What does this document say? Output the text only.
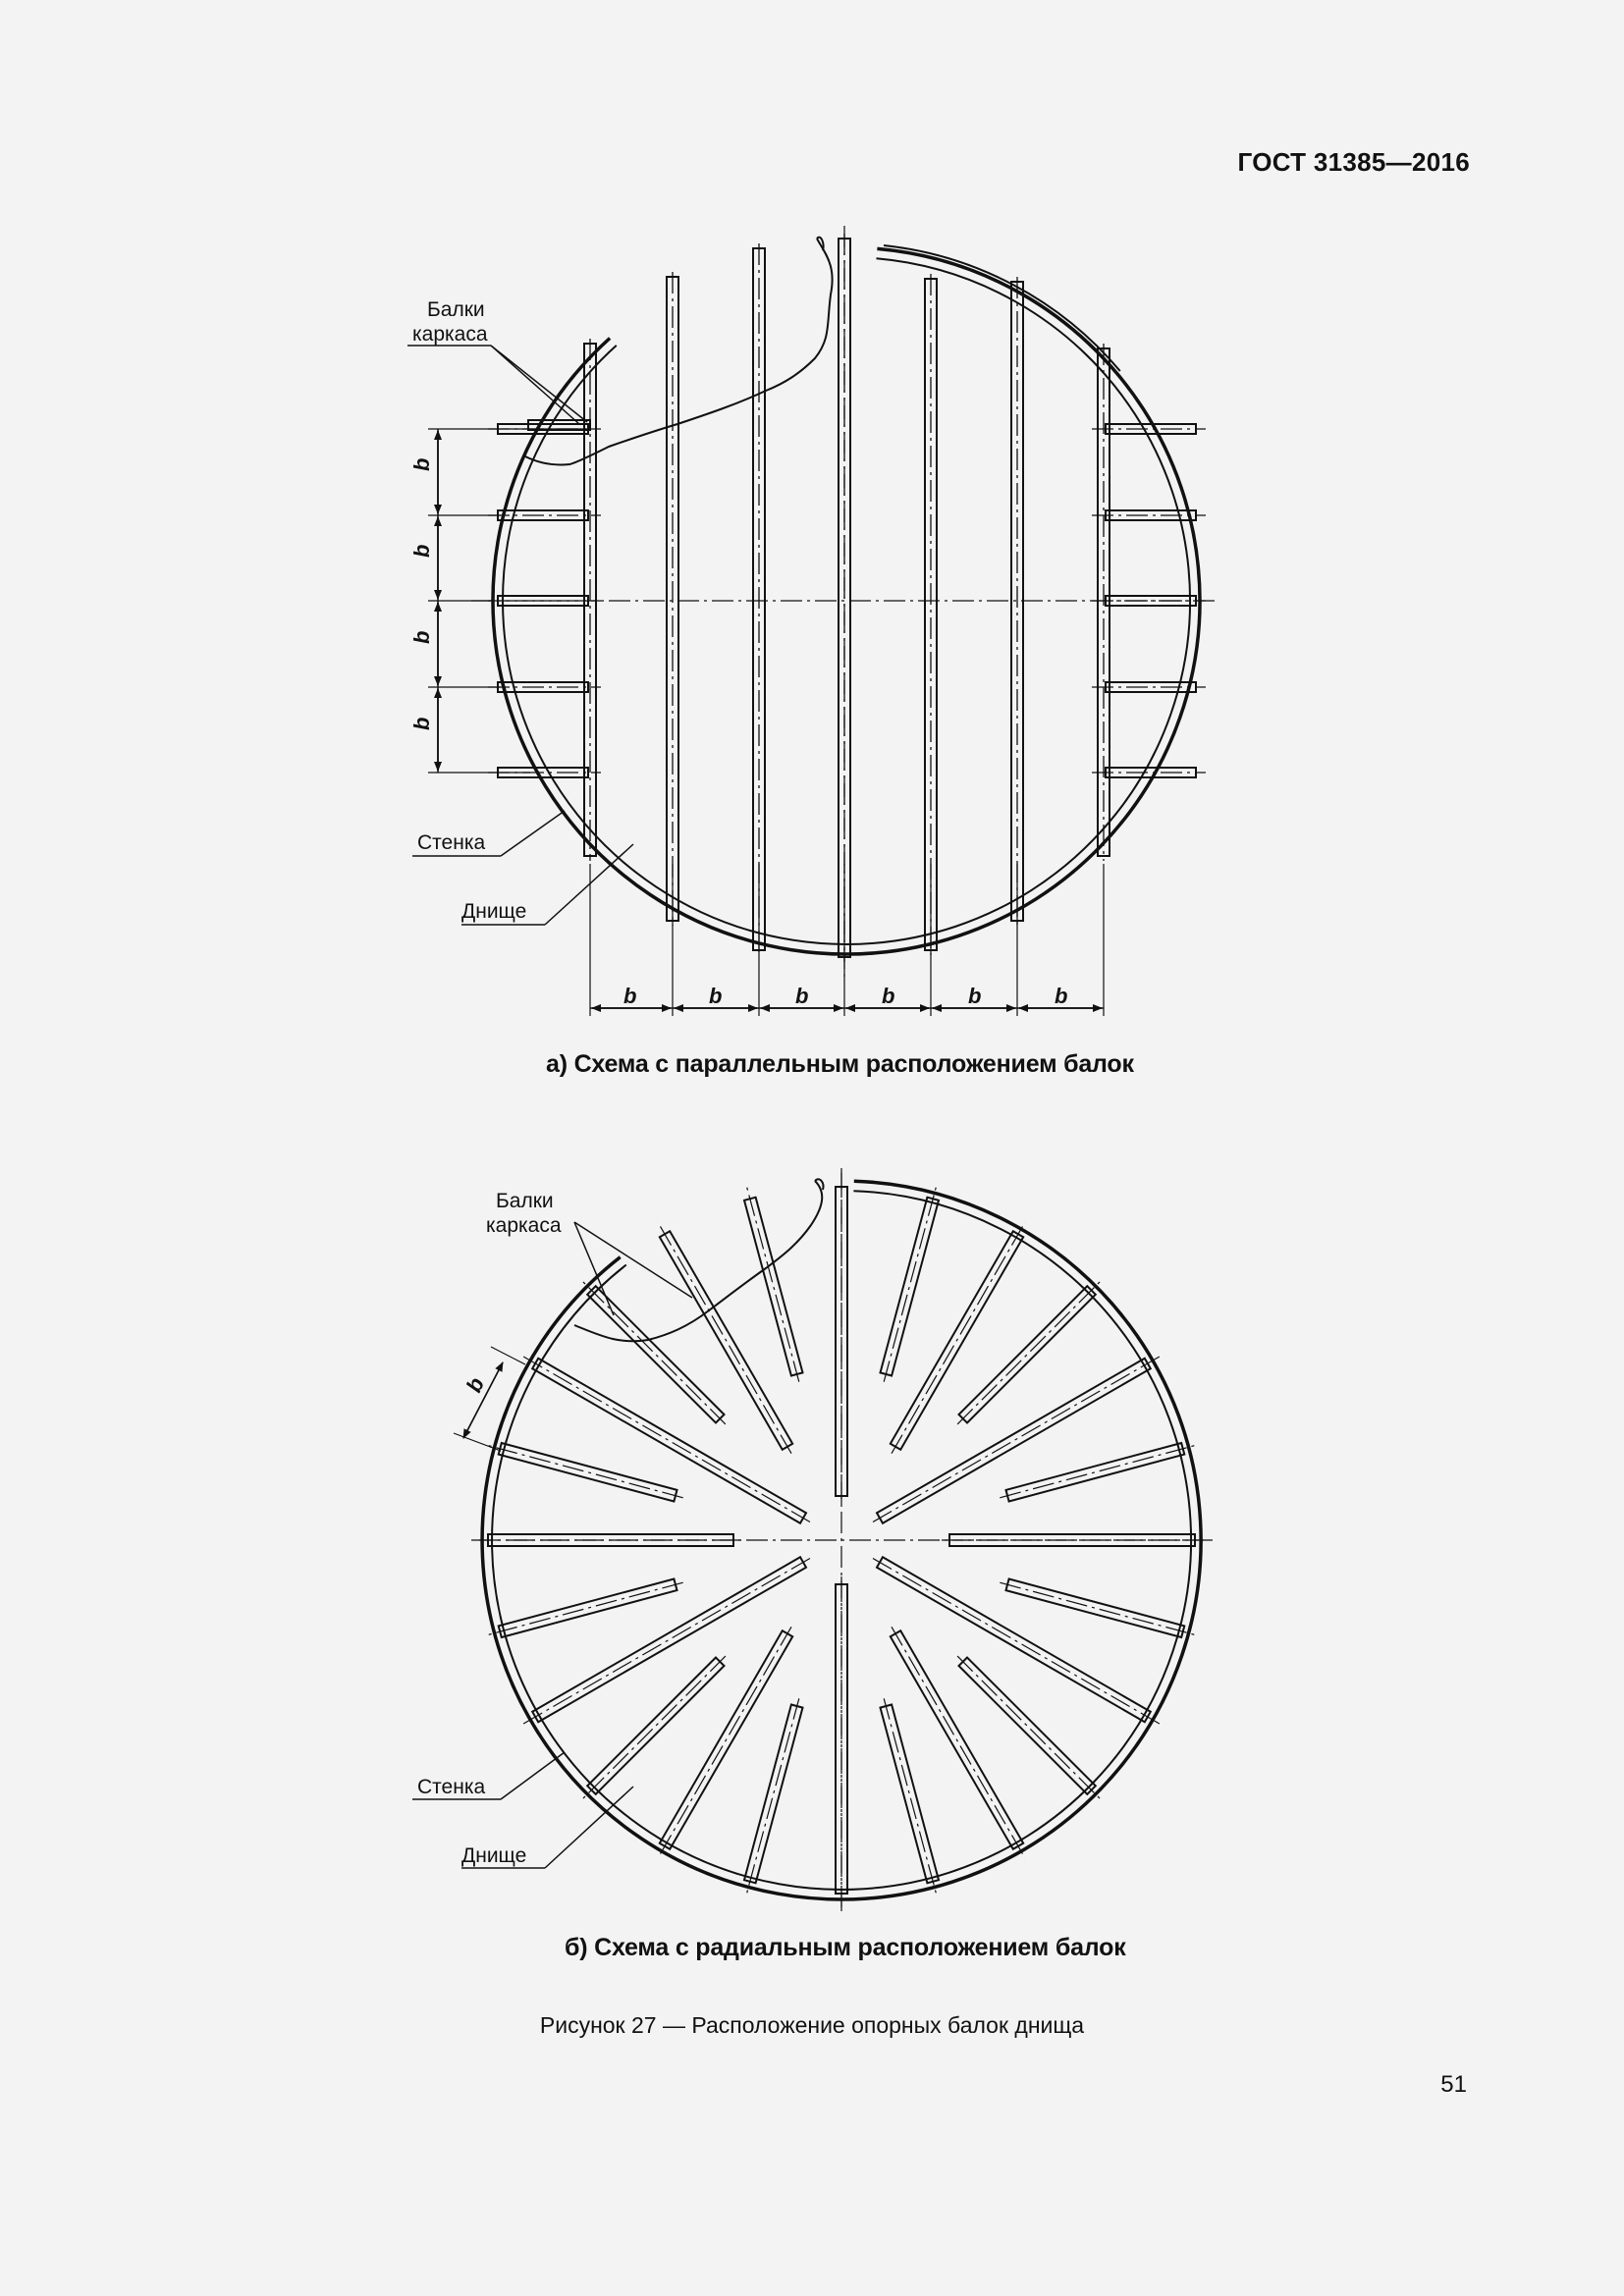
ГОСТ 31385—2016
Балки
каркаса
Стенка
Днище
b
b
b
b
b	b	b	b	b	b
Балки
каркаса
Стенка
Днище
b
а) Схема с параллельным расположением балок
б) Схема с радиальным расположением балок
Рисунок 27 — Расположение опорных балок днища
51
